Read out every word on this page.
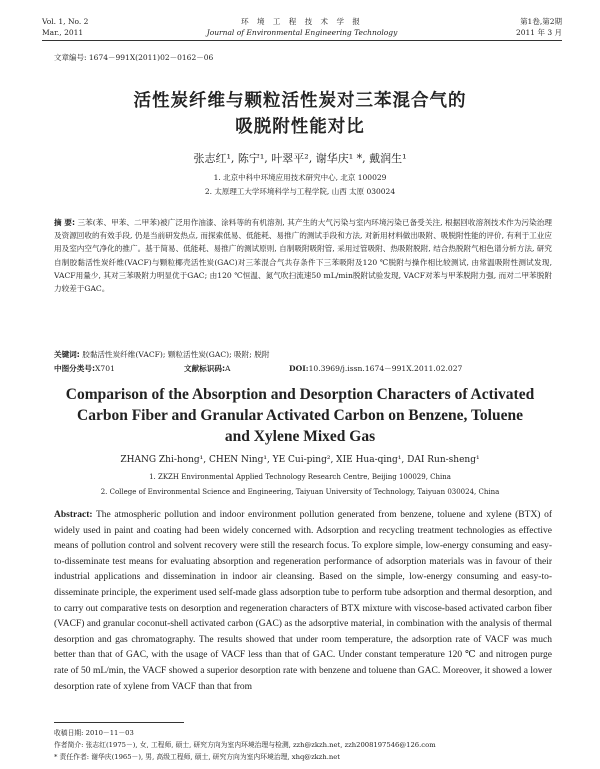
Vol. 1, No. 2
Mar., 2011
环 境 工 程 技 术 学 报
Journal of Environmental Engineering Technology
第1卷,第2期
2011 年 3 月
文章编号: 1674－991X(2011)02－0162－06
活性炭纤维与颗粒活性炭对三苯混合气的
吸脱附性能对比
张志红¹, 陈宁¹, 叶翠平², 谢华庆¹ *, 戴润生¹
1. 北京中科中环境应用技术研究中心, 北京 100029
2. 太原理工大学环境科学与工程学院, 山西 太原 030024
摘 要: 三苯(苯、甲苯、二甲苯)被广泛用作油漆、涂料等的有机溶剂, 其产生的大气污染与室内环境污染已备受关注, 根据回收溶剂技术作为污染治理及资源回收的有效手段, 仍是当前研发热点, 而探索低易、低能耗、易推广的测试手段和方法, 对新用材料做出吸附、吸脱附性能的评价, 有利于工业应用及室内空气净化的推广。基于简易、低能耗、易推广的测试原则, 自制吸附吸附管, 采用过管吸附、热吸附脱附, 结合热脱附气相色谱分析方法, 研究自制胶黏活性炭纤维(VACF)与颗粒椰壳活性炭(GAC)对三苯混合气共存条件下三苯吸附及120 ℃脱附与操作相比较测试, 由常温吸附性测试发现, VACF用量少, 其对三苯吸附力明显优于GAC; 由120 ℃恒温、氮气吹扫流速50 mL/min脱附试验发现, VACF对苯与甲苯脱附力强, 而对二甲苯脱附力较差于GAC。
关键词: 胶黏活性炭纤维(VACF); 颗粒活性炭(GAC); 吸附; 脱附
中图分类号:X701	文献标识码:A	DOI:10.3969/j.issn.1674－991X.2011.02.027
Comparison of the Absorption and Desorption Characters of Activated
Carbon Fiber and Granular Activated Carbon on Benzene, Toluene
and Xylene Mixed Gas
ZHANG Zhi-hong¹, CHEN Ning¹, YE Cui-ping², XIE Hua-qing¹, DAI Run-sheng¹
1. ZKZH Environmental Applied Technology Research Centre, Beijing 100029, China
2. College of Environmental Science and Engineering, Taiyuan University of Technology, Taiyuan 030024, China
Abstract: The atmospheric pollution and indoor environment pollution generated from benzene, toluene and xylene (BTX) of widely used in paint and coating had been widely concerned with. Adsorption and recycling treatment technologies as effective means of pollution control and solvent recovery were still the research focus. To explore simple, low-energy consuming and easy-to-disseminate test means for evaluating absorption and regeneration performance of adsorption materials was in favour of their industrial applications and dissemination in indoor air cleansing. Based on the simple, low-energy consuming and easy-to-disseminate principle, the experiment used self-made glass adsorption tube to perform tube adsorption and thermal desorption, and to carry out comparative tests on desorption and regeneration characters of BTX mixture with viscose-based activated carbon fiber (VACF) and granular coconut-shell activated carbon (GAC) as the adsorptive material, in combination with the analysis of thermal desorption and gas chromatography. The results showed that under room temperature, the adsorption rate of VACF was much better than that of GAC, with the usage of VACF less than that of GAC. Under constant temperature 120 ℃ and nitrogen purge rate of 50 mL/min, the VACF showed a superior desorption rate with benzene and toluene than GAC. Moreover, it showed a lower desorption rate of xylene from VACF than that from
收稿日期: 2010－11－03
作者简介: 张志红(1975－), 女, 工程师, 硕士, 研究方向为室内环境治理与检测, zzh@zkzh.net, zzh2008197546@126.com
* 责任作者: 谢华庆(1965－), 男, 高级工程师, 硕士, 研究方向为室内环境治理, xhq@zkzh.net
